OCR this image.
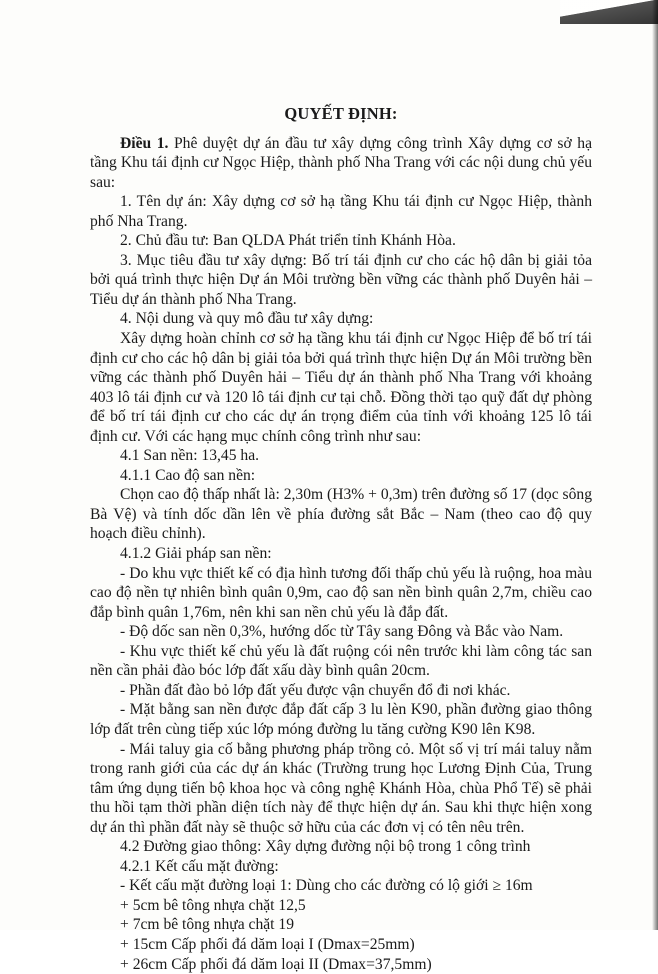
QUYẾT ĐỊNH:

Điều 1. Phê duyệt dự án đầu tư xây dựng công trình Xây dựng cơ sở hạ tầng Khu tái định cư Ngọc Hiệp, thành phố Nha Trang với các nội dung chủ yếu sau:

1. Tên dự án: Xây dựng cơ sở hạ tầng Khu tái định cư Ngọc Hiệp, thành phố Nha Trang.

2. Chủ đầu tư: Ban QLDA Phát triển tỉnh Khánh Hòa.

3. Mục tiêu đầu tư xây dựng: Bố trí tái định cư cho các hộ dân bị giải tỏa bởi quá trình thực hiện Dự án Môi trường bền vững các thành phố Duyên hải – Tiểu dự án thành phố Nha Trang.

4. Nội dung và quy mô đầu tư xây dựng:

Xây dựng hoàn chỉnh cơ sở hạ tầng khu tái định cư Ngọc Hiệp để bố trí tái định cư cho các hộ dân bị giải tỏa bởi quá trình thực hiện Dự án Môi trường bền vững các thành phố Duyên hải – Tiểu dự án thành phố Nha Trang với khoảng 403 lô tái định cư và 120 lô tái định cư tại chỗ. Đồng thời tạo quỹ đất dự phòng để bố trí tái định cư cho các dự án trọng điểm của tỉnh với khoảng 125 lô tái định cư. Với các hạng mục chính công trình như sau:

4.1 San nền: 13,45 ha.

4.1.1 Cao độ san nền:

Chọn cao độ thấp nhất là: 2,30m (H3% + 0,3m) trên đường số 17 (dọc sông Bà Vệ) và tính dốc dần lên về phía đường sắt Bắc – Nam (theo cao độ quy hoạch điều chỉnh).

4.1.2 Giải pháp san nền:

- Do khu vực thiết kế có địa hình tương đối thấp chủ yếu là ruộng, hoa màu cao độ nền tự nhiên bình quân 0,9m, cao độ san nền bình quân 2,7m, chiều cao đắp bình quân 1,76m, nên khi san nền chủ yếu là đắp đất.

- Độ dốc san nền 0,3%, hướng dốc từ Tây sang Đông và Bắc vào Nam.

- Khu vực thiết kế chủ yếu là đất ruộng cói nên trước khi làm công tác san nền cần phải đào bóc lớp đất xấu dày bình quân 20cm.

- Phần đất đào bỏ lớp đất yếu được vận chuyển đổ đi nơi khác.

- Mặt bằng san nền được đắp đất cấp 3 lu lèn K90, phần đường giao thông lớp đất trên cùng tiếp xúc lớp móng đường lu tăng cường K90 lên K98.

- Mái taluy gia cố bằng phương pháp trồng cỏ. Một số vị trí mái taluy nằm trong ranh giới của các dự án khác (Trường trung học Lương Định Của, Trung tâm ứng dụng tiến bộ khoa học và công nghệ Khánh Hòa, chùa Phổ Tế) sẽ phải thu hồi tạm thời phần diện tích này để thực hiện dự án. Sau khi thực hiện xong dự án thì phần đất này sẽ thuộc sở hữu của các đơn vị có tên nêu trên.

4.2 Đường giao thông: Xây dựng đường nội bộ trong 1 công trình

4.2.1 Kết cấu mặt đường:

- Kết cấu mặt đường loại 1: Dùng cho các đường có lộ giới ≥ 16m

+ 5cm bê tông nhựa chặt 12,5

+ 7cm bê tông nhựa chặt 19

+ 15cm Cấp phối đá dăm loại I (Dmax=25mm)

+ 26cm Cấp phối đá dăm loại II (Dmax=37,5mm)
